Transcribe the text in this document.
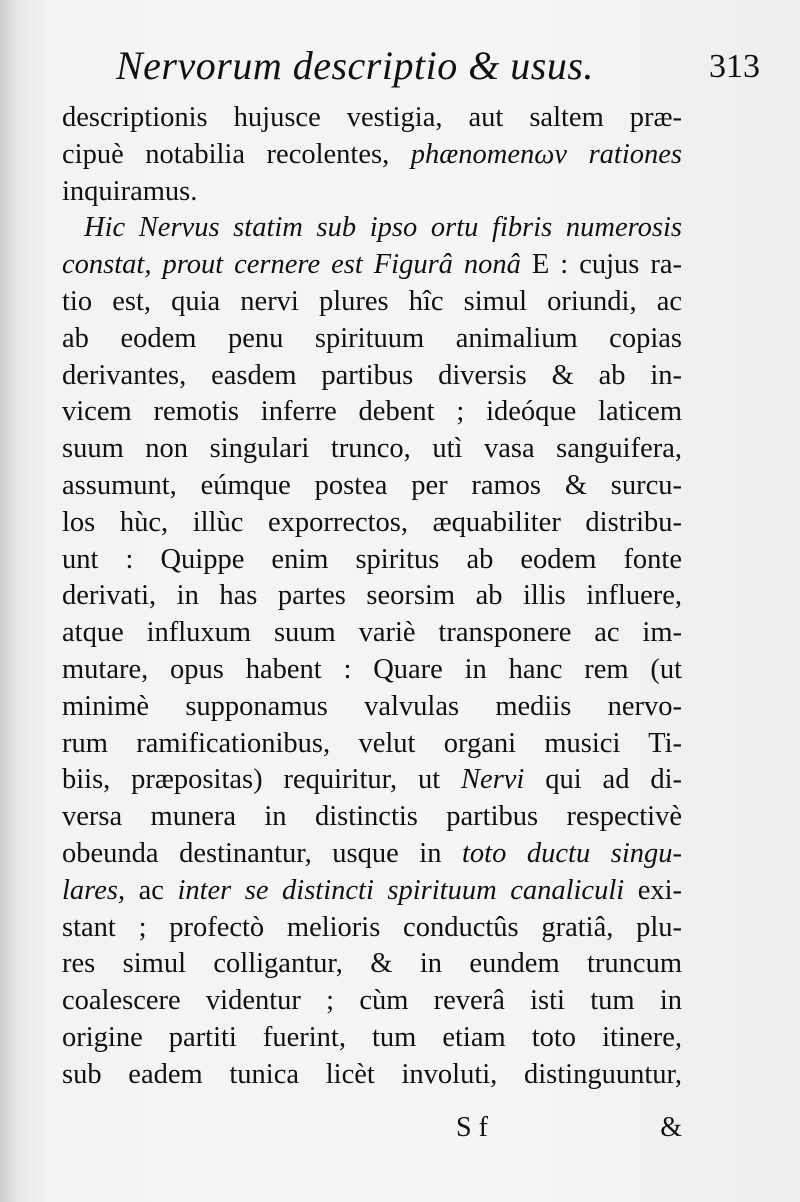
Nervorum descriptio & usus.	313
descriptionis hujusce vestigia, aut saltem præ-
cipuè notabilia recolentes, phænomenων rationes
inquiramus.
Hic Nervus statim sub ipso ortu fibris numerosis
constat, prout cernere est Figurâ nonâ E : cujus ra-
tio est, quia nervi plures hîc simul oriundi, ac
ab eodem penu spirituum animalium copias
derivantes, easdem partibus diversis & ab in-
vicem remotis inferre debent ; ideóque laticem
suum non singulari trunco, utì vasa sanguifera,
assumunt, eúmque postea per ramos & surcu-
los hùc, illùc exporrectos, æquabiliter distribu-
unt : Quippe enim spiritus ab eodem fonte
derivati, in has partes seorsim ab illis influere,
atque influxum suum variè transponere ac im-
mutare, opus habent : Quare in hanc rem (ut
minimè supponamus valvulas mediis nervo-
rum ramificationibus, velut organi musici Ti-
biis, præpositas) requiritur, ut Nervi qui ad di-
versa munera in distinctis partibus respectivè
obeunda destinantur, usque in toto ductu singu-
lares, ac inter se distincti spirituum canaliculi exi-
stant ; profectò melioris conductûs gratiâ, plu-
res simul colligantur, & in eundem truncum
coalescere videntur ; cùm reverâ isti tum in
origine partiti fuerint, tum etiam toto itinere,
sub eadem tunica licèt involuti, distinguuntur,
S f	&
